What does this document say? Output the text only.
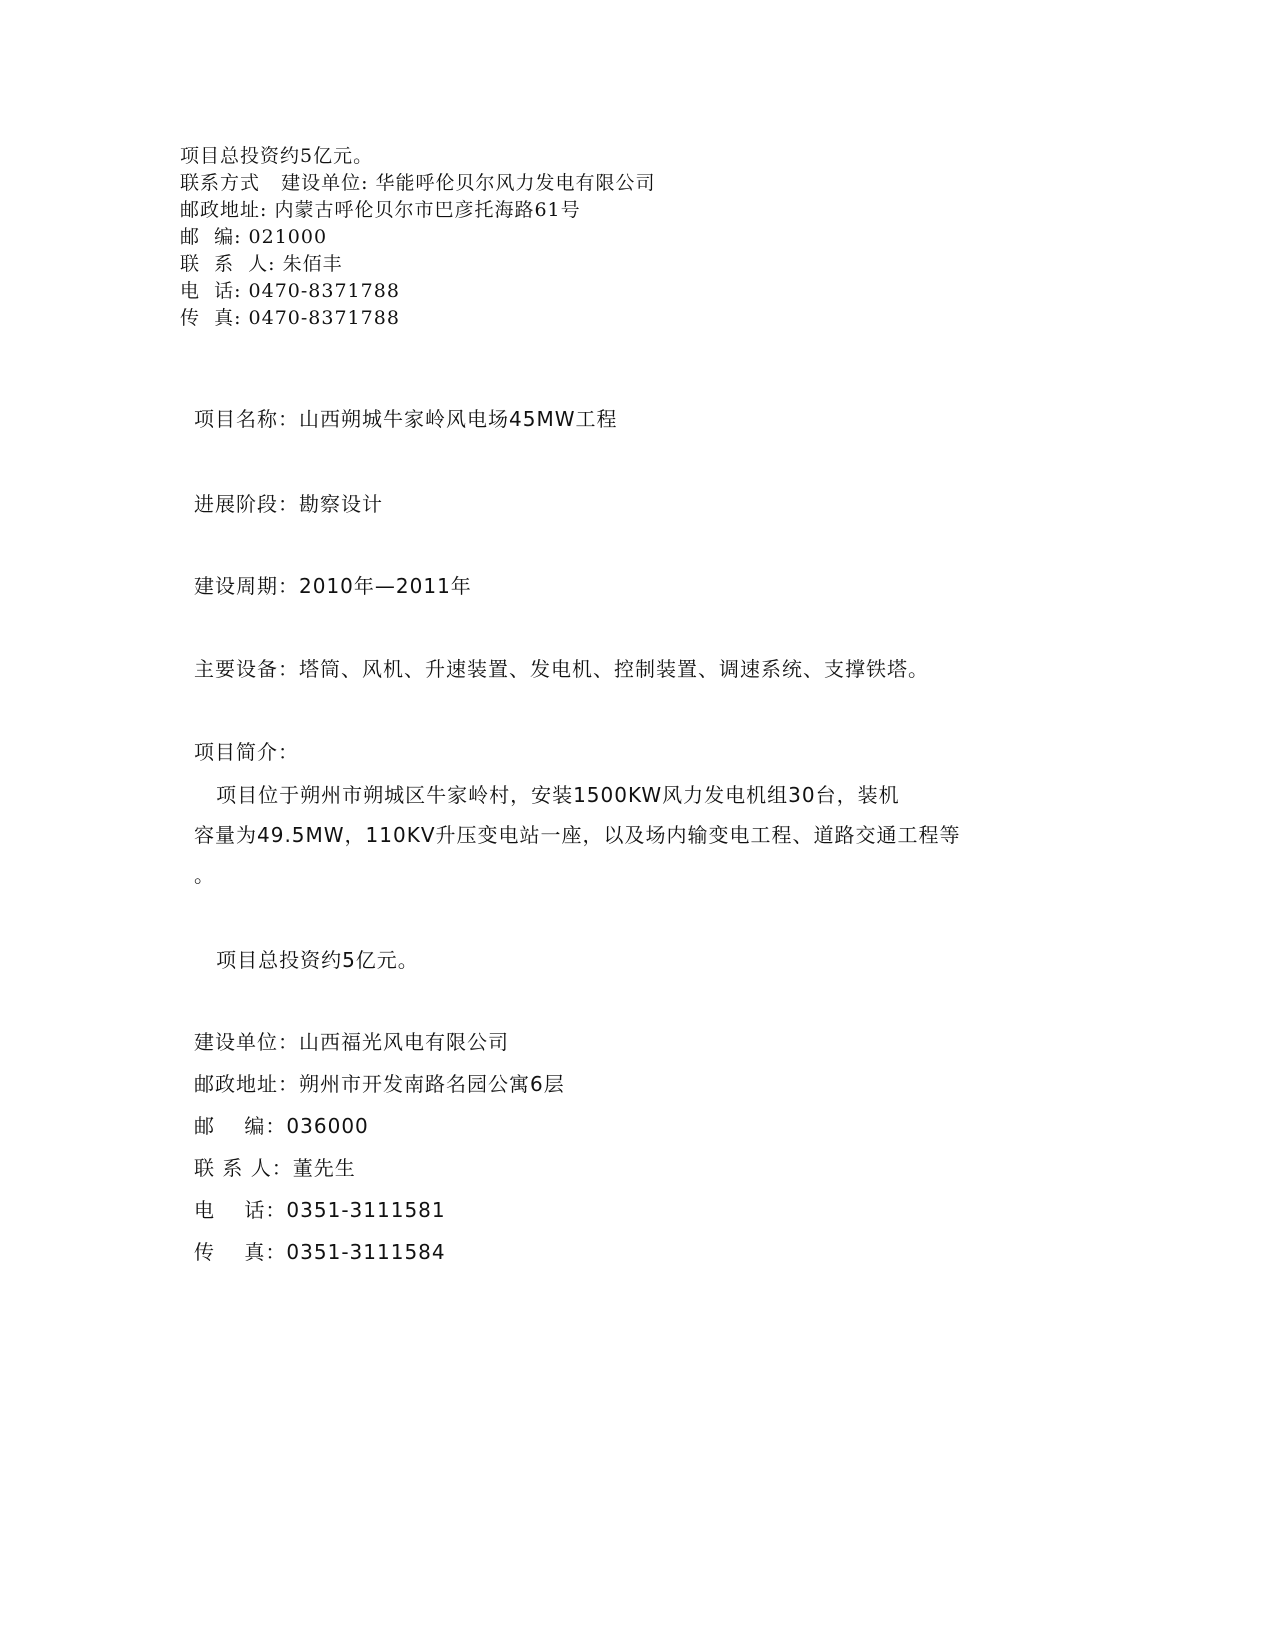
项目总投资约5亿元。
联系方式   建设单位: 华能呼伦贝尔风力发电有限公司
邮政地址: 内蒙古呼伦贝尔市巴彦托海路61号
邮  编: 021000
联  系  人: 朱佰丰
电  话: 0470-8371788
传  真: 0470-8371788
项目名称：山西朔城牛家岭风电场45MW工程
进展阶段：勘察设计
建设周期：2010年—2011年
主要设备：塔筒、风机、升速装置、发电机、控制装置、调速系统、支撑铁塔。
项目简介：
项目位于朔州市朔城区牛家岭村，安装1500KW风力发电机组30台，装机
容量为49.5MW，110KV升压变电站一座，以及场内输变电工程、道路交通工程等
。
项目总投资约5亿元。
建设单位：山西福光风电有限公司
邮政地址：朔州市开发南路名园公寓6层
邮    编：036000
联 系 人：董先生
电    话：0351-3111581
传    真：0351-3111584
